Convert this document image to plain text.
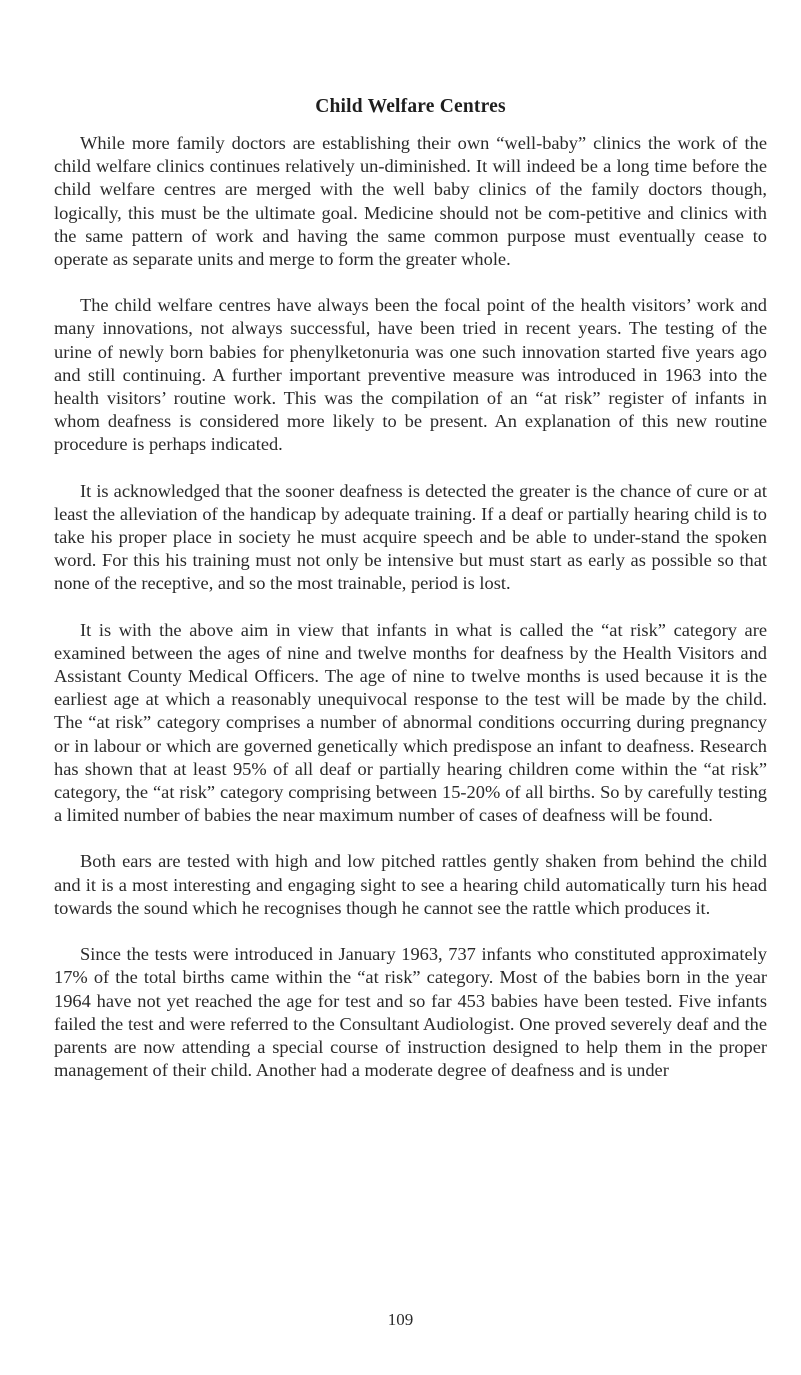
Child Welfare Centres

While more family doctors are establishing their own “well-baby” clinics the work of the child welfare clinics continues relatively un-diminished. It will indeed be a long time before the child welfare centres are merged with the well baby clinics of the family doctors though, logically, this must be the ultimate goal. Medicine should not be com-petitive and clinics with the same pattern of work and having the same common purpose must eventually cease to operate as separate units and merge to form the greater whole.

The child welfare centres have always been the focal point of the health visitors’ work and many innovations, not always successful, have been tried in recent years. The testing of the urine of newly born babies for phenylketonuria was one such innovation started five years ago and still continuing. A further important preventive measure was introduced in 1963 into the health visitors’ routine work. This was the compilation of an “at risk” register of infants in whom deafness is considered more likely to be present. An explanation of this new routine procedure is perhaps indicated.

It is acknowledged that the sooner deafness is detected the greater is the chance of cure or at least the alleviation of the handicap by adequate training. If a deaf or partially hearing child is to take his proper place in society he must acquire speech and be able to under-stand the spoken word. For this his training must not only be intensive but must start as early as possible so that none of the receptive, and so the most trainable, period is lost.

It is with the above aim in view that infants in what is called the “at risk” category are examined between the ages of nine and twelve months for deafness by the Health Visitors and Assistant County Medical Officers. The age of nine to twelve months is used because it is the earliest age at which a reasonably unequivocal response to the test will be made by the child. The “at risk” category comprises a number of abnormal conditions occurring during pregnancy or in labour or which are governed genetically which predispose an infant to deafness. Research has shown that at least 95% of all deaf or partially hearing children come within the “at risk” category, the “at risk” category comprising between 15-20% of all births. So by carefully testing a limited number of babies the near maximum number of cases of deafness will be found.

Both ears are tested with high and low pitched rattles gently shaken from behind the child and it is a most interesting and engaging sight to see a hearing child automatically turn his head towards the sound which he recognises though he cannot see the rattle which produces it.

Since the tests were introduced in January 1963, 737 infants who constituted approximately 17% of the total births came within the “at risk” category. Most of the babies born in the year 1964 have not yet reached the age for test and so far 453 babies have been tested. Five infants failed the test and were referred to the Consultant Audiologist. One proved severely deaf and the parents are now attending a special course of instruction designed to help them in the proper management of their child. Another had a moderate degree of deafness and is under

109
